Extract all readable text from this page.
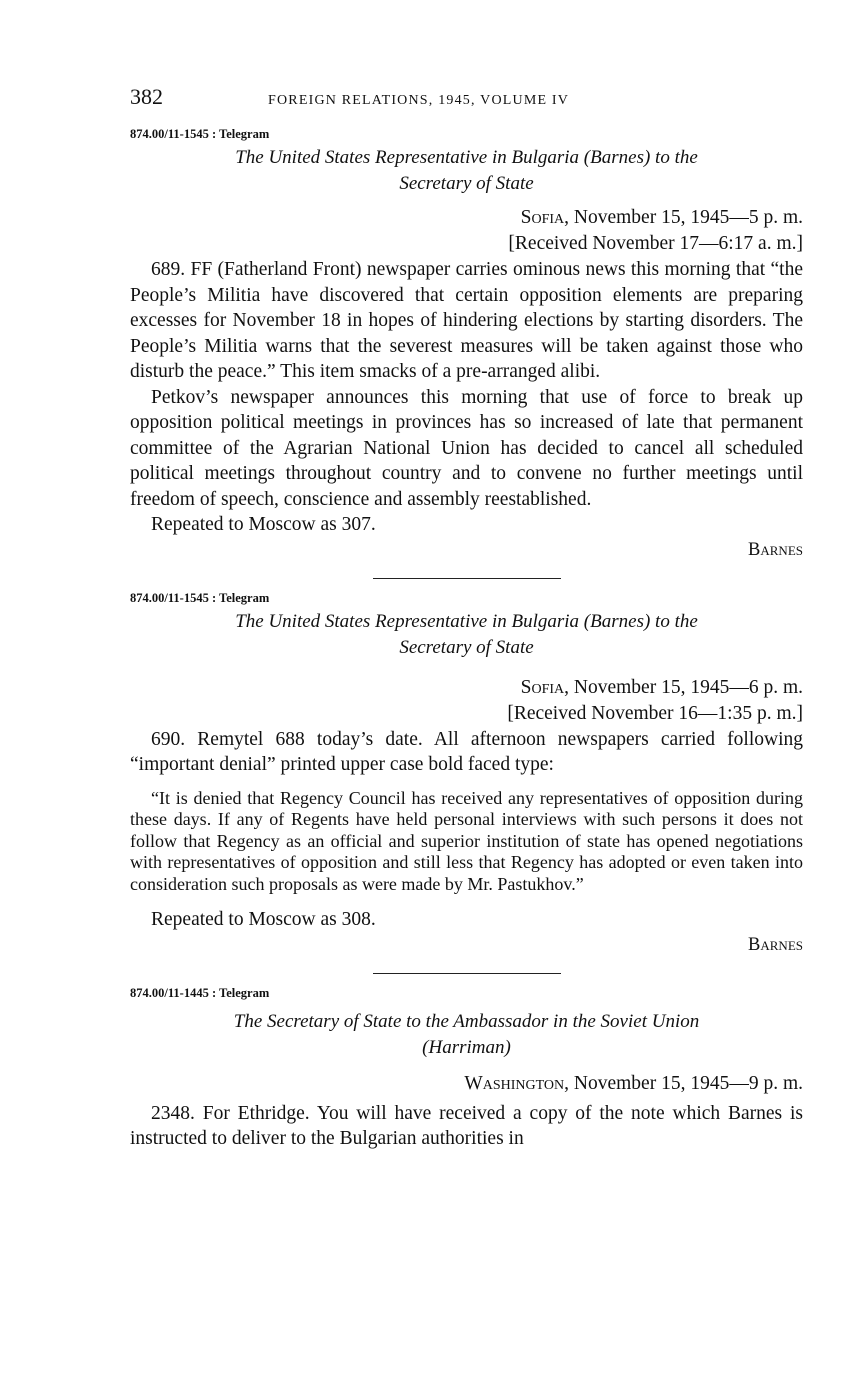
382	FOREIGN RELATIONS, 1945, VOLUME IV
874.00/11-1545 : Telegram
The United States Representative in Bulgaria (Barnes) to the
Secretary of State
Sofia, November 15, 1945—5 p. m.
[Received November 17—6:17 a. m.]

689. FF (Fatherland Front) newspaper carries ominous news this morning that “the People’s Militia have discovered that certain opposition elements are preparing excesses for November 18 in hopes of hindering elections by starting disorders. The People’s Militia warns that the severest measures will be taken against those who disturb the peace.” This item smacks of a pre-arranged alibi.

Petkov’s newspaper announces this morning that use of force to break up opposition political meetings in provinces has so increased of late that permanent committee of the Agrarian National Union has decided to cancel all scheduled political meetings throughout country and to convene no further meetings until freedom of speech, conscience and assembly reestablished.

Repeated to Moscow as 307.

Barnes
874.00/11-1545 : Telegram
The United States Representative in Bulgaria (Barnes) to the
Secretary of State
Sofia, November 15, 1945—6 p. m.
[Received November 16—1:35 p. m.]

690. Remytel 688 today’s date. All afternoon newspapers carried following “important denial” printed upper case bold faced type:

“It is denied that Regency Council has received any representatives of opposition during these days. If any of Regents have held personal interviews with such persons it does not follow that Regency as an official and superior institution of state has opened negotiations with representatives of opposition and still less that Regency has adopted or even taken into consideration such proposals as were made by Mr. Pastukhov.”

Repeated to Moscow as 308.

Barnes
874.00/11-1445 : Telegram
The Secretary of State to the Ambassador in the Soviet Union
(Harriman)
Washington, November 15, 1945—9 p. m.

2348. For Ethridge. You will have received a copy of the note which Barnes is instructed to deliver to the Bulgarian authorities in
